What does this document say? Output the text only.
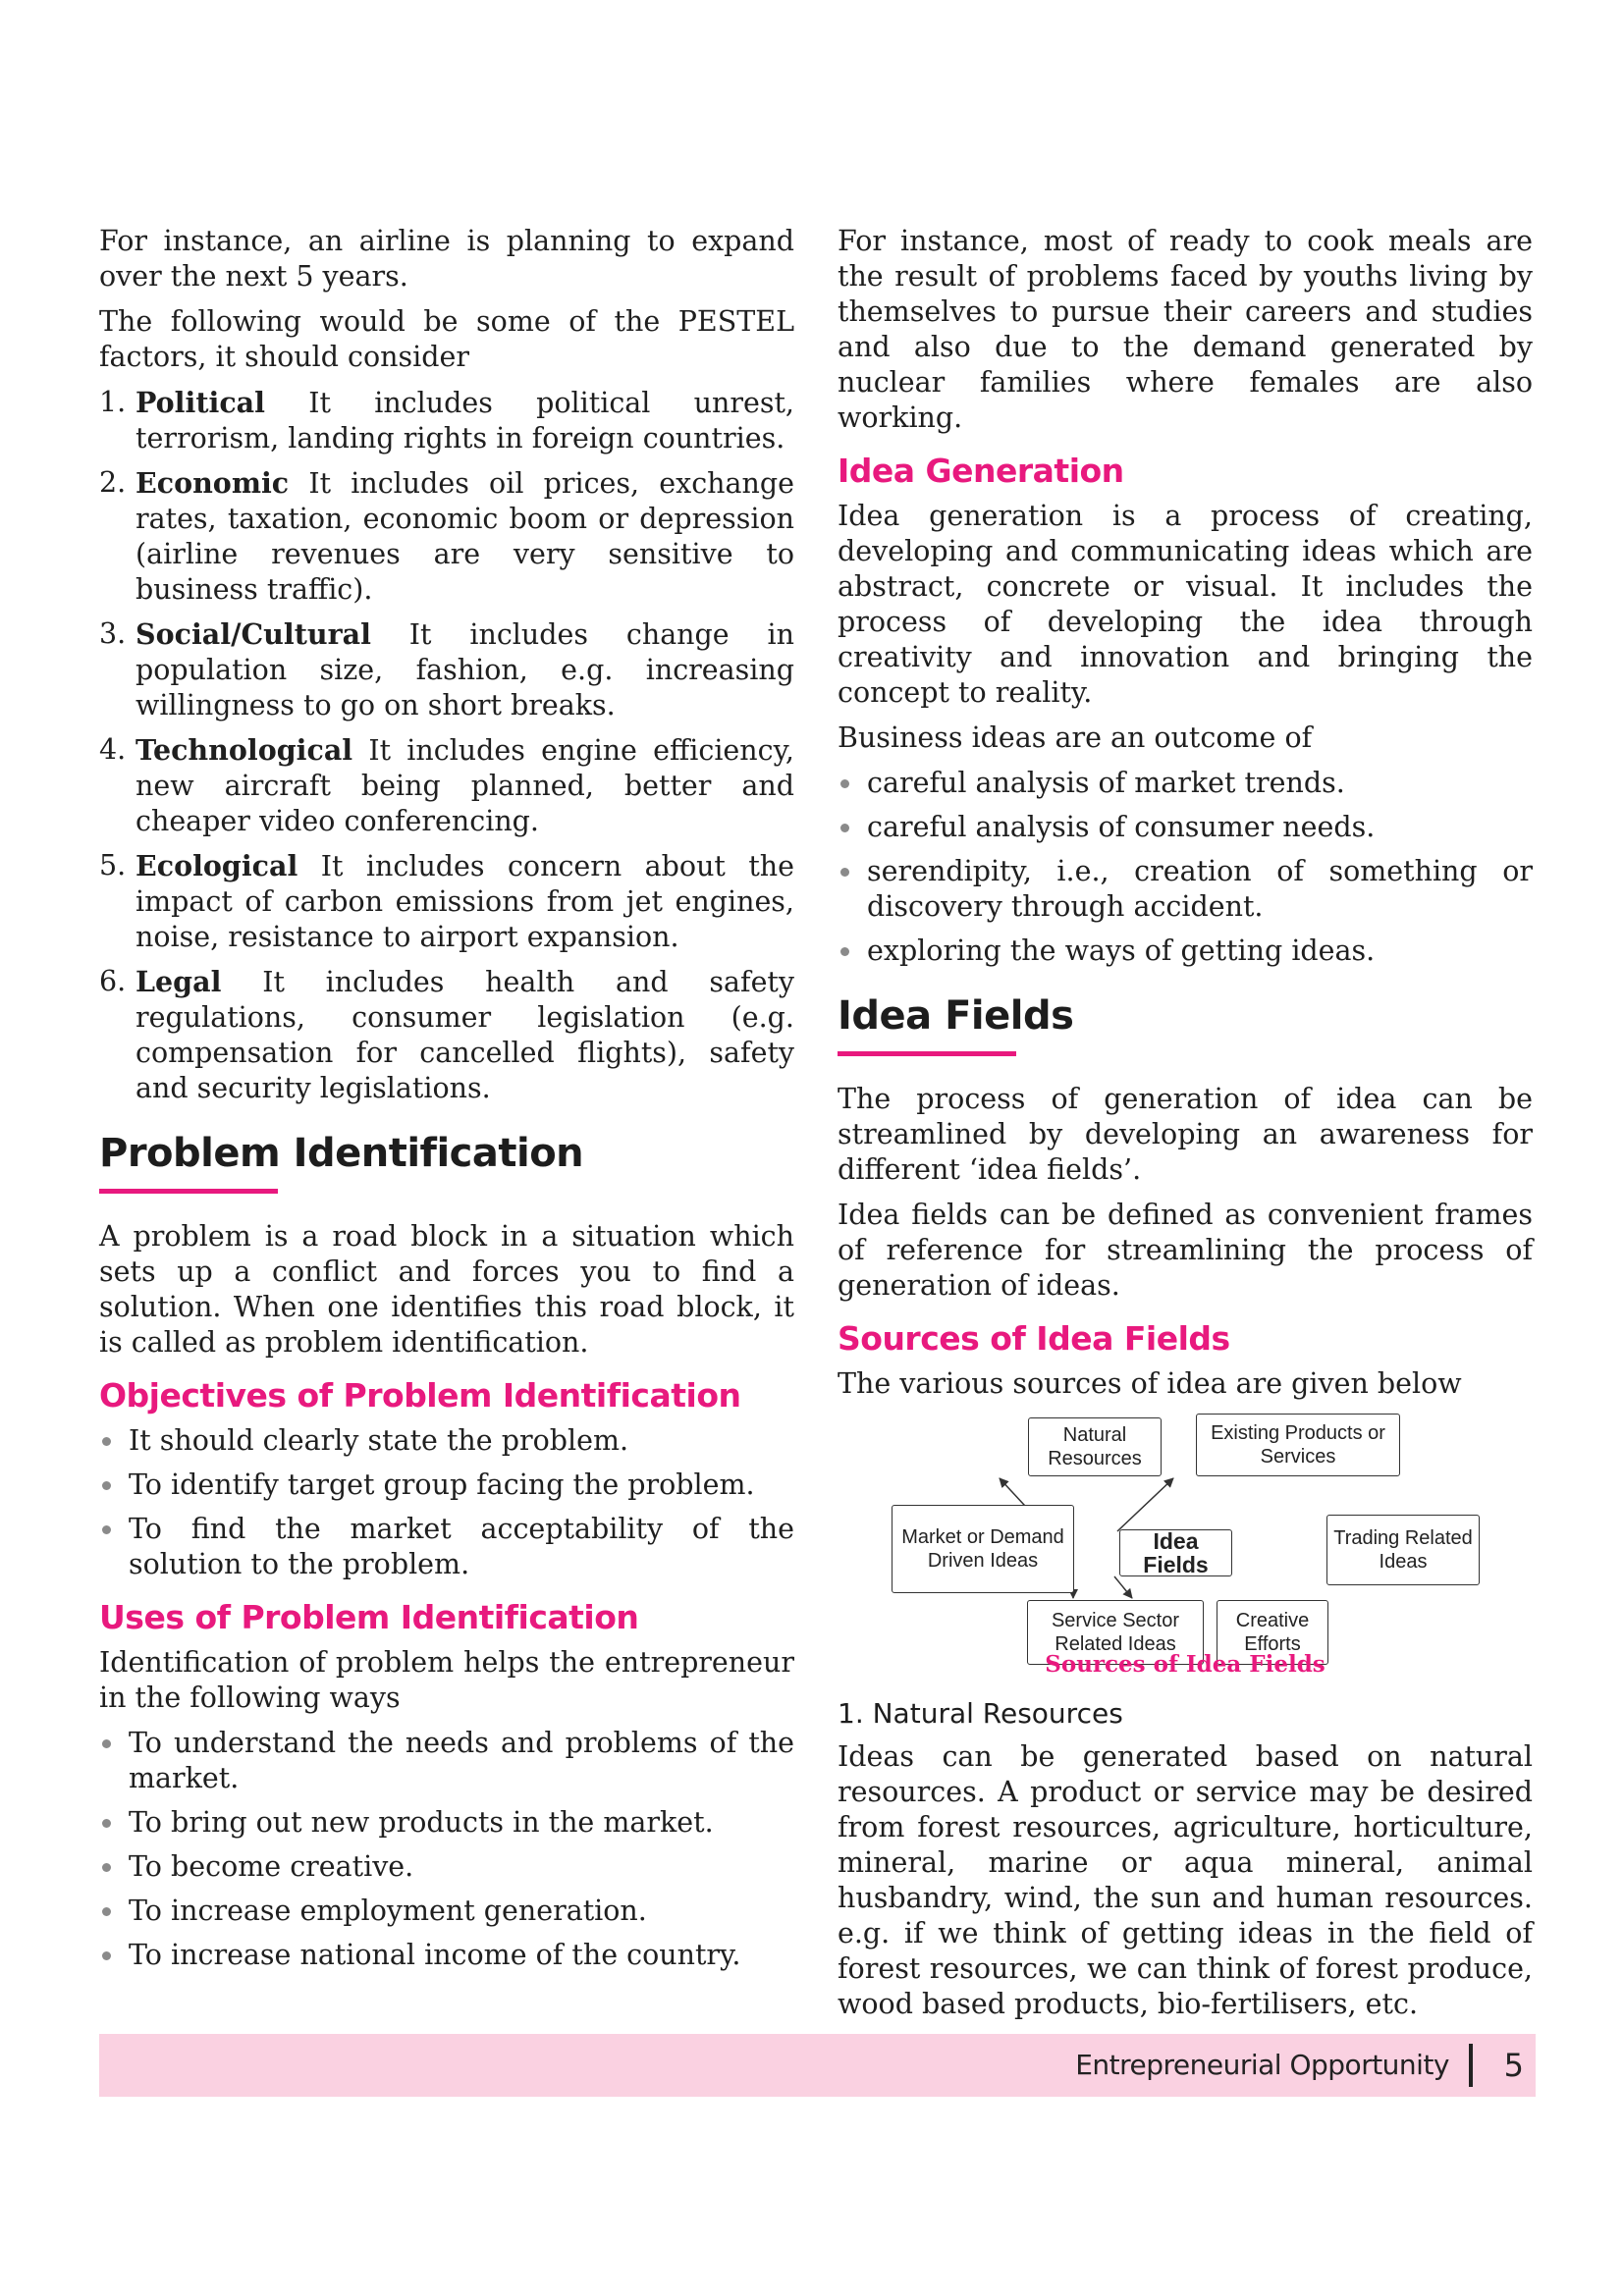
For instance, an airline is planning to expand over the next 5 years.

The following would be some of the PESTEL factors, it should consider

1. Political It includes political unrest, terrorism, landing rights in foreign countries.
2. Economic It includes oil prices, exchange rates, taxation, economic boom or depression (airline revenues are very sensitive to business traffic).
3. Social/Cultural It includes change in population size, fashion, e.g. increasing willingness to go on short breaks.
4. Technological It includes engine efficiency, new aircraft being planned, better and cheaper video conferencing.
5. Ecological It includes concern about the impact of carbon emissions from jet engines, noise, resistance to airport expansion.
6. Legal It includes health and safety regulations, consumer legislation (e.g. compensation for cancelled flights), safety and security legislations.
Problem Identification

A problem is a road block in a situation which sets up a conflict and forces you to find a solution. When one identifies this road block, it is called as problem identification.

Objectives of Problem Identification
It should clearly state the problem.
To identify target group facing the problem.
To find the market acceptability of the solution to the problem.
Uses of Problem Identification

Identification of problem helps the entrepreneur in the following ways

To understand the needs and problems of the market.
To bring out new products in the market.
To become creative.
To increase employment generation.
To increase national income of the country.

For instance, most of ready to cook meals are the result of problems faced by youths living by themselves to pursue their careers and studies and also due to the demand generated by nuclear families where females are also working.

Idea Generation

Idea generation is a process of creating, developing and communicating ideas which are abstract, concrete or visual. It includes the process of developing the idea through creativity and innovation and bringing the concept to reality.

Business ideas are an outcome of

careful analysis of market trends.
careful analysis of consumer needs.
serendipity, i.e., creation of something or discovery through accident.
exploring the ways of getting ideas.
Idea Fields

The process of generation of idea can be streamlined by developing an awareness for different ‘idea fields’.

Idea fields can be defined as convenient frames of reference for streamlining the process of generation of ideas.

Sources of Idea Fields

The various sources of idea are given below

Natural Resources
Existing Products or Services
Market or Demand Driven Ideas
Idea Fields
Trading Related Ideas
Service Sector Related Ideas
Creative Efforts
Sources of Idea Fields
1. Natural Resources

Ideas can be generated based on natural resources. A product or service may be desired from forest resources, agriculture, horticulture, mineral, marine or aqua mineral, animal husbandry, wind, the sun and human resources. e.g. if we think of getting ideas in the field of forest resources, we can think of forest produce, wood based products, bio-fertilisers, etc.

Entrepreneurial Opportunity 5
